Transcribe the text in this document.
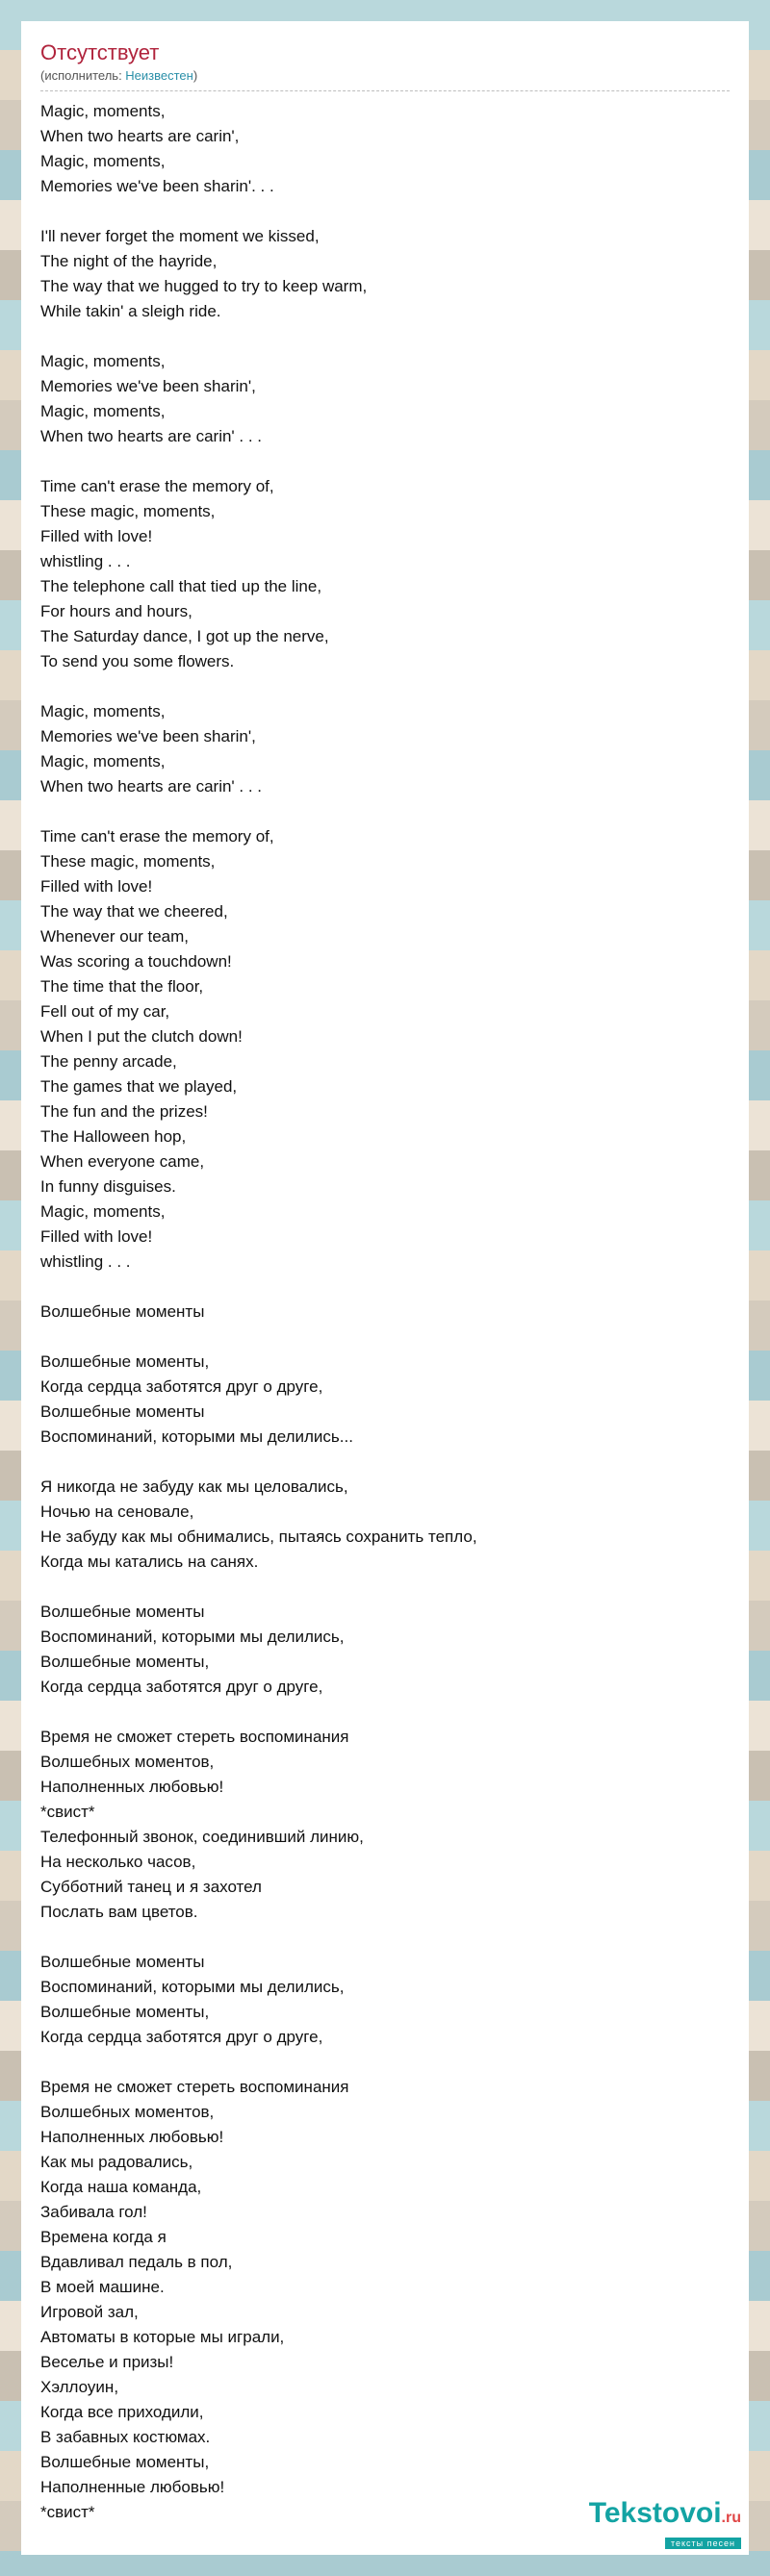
Отсутствует
(исполнитель: Неизвестен)
Magic, moments,
When two hearts are carin',
Magic, moments,
Memories we've been sharin'. . .
I'll never forget the moment we kissed,
The night of the hayride,
The way that we hugged to try to keep warm,
While takin' a sleigh ride.
Magic, moments,
Memories we've been sharin',
Magic, moments,
When two hearts are carin' . . .
Time can't erase the memory of,
These magic, moments,
Filled with love!
whistling . . .
The telephone call that tied up the line,
For hours and hours,
The Saturday dance, I got up the nerve,
To send you some flowers.
Magic, moments,
Memories we've been sharin',
Magic, moments,
When two hearts are carin' . . .
Time can't erase the memory of,
These magic, moments,
Filled with love!
The way that we cheered,
Whenever our team,
Was scoring a touchdown!
The time that the floor,
Fell out of my car,
When I put the clutch down!
The penny arcade,
The games that we played,
The fun and the prizes!
The Halloween hop,
When everyone came,
In funny disguises.
Magic, moments,
Filled with love!
whistling . . .
Волшебные моменты
Волшебные моменты,
Когда сердца заботятся друг о друге,
Волшебные моменты
Воспоминаний, которыми мы делились...
Я никогда не забуду как мы целовались,
Ночью на сеновале,
Не забуду как мы обнимались, пытаясь сохранить тепло,
Когда мы катались на санях.
Волшебные моменты
Воспоминаний, которыми мы делились,
Волшебные моменты,
Когда сердца заботятся друг о друге,
Время не сможет стереть воспоминания
Волшебных моментов,
Наполненных любовью!
*свист*
Телефонный звонок, соединивший линию,
На несколько часов,
Субботний танец и я захотел
Послать вам цветов.
Волшебные моменты
Воспоминаний, которыми мы делились,
Волшебные моменты,
Когда сердца заботятся друг о друге,
Время не сможет стереть воспоминания
Волшебных моментов,
Наполненных любовью!
Как мы радовались,
Когда наша команда,
Забивала гол!
Времена когда я
Вдавливал педаль в пол,
В моей машине.
Игровой зал,
Автоматы в которые мы играли,
Веселье и призы!
Хэллоуин,
Когда все приходили,
В забавных костюмах.
Волшебные моменты,
Наполненные любовью!
*свист*	Tekstovoi.ru
тексты песен
